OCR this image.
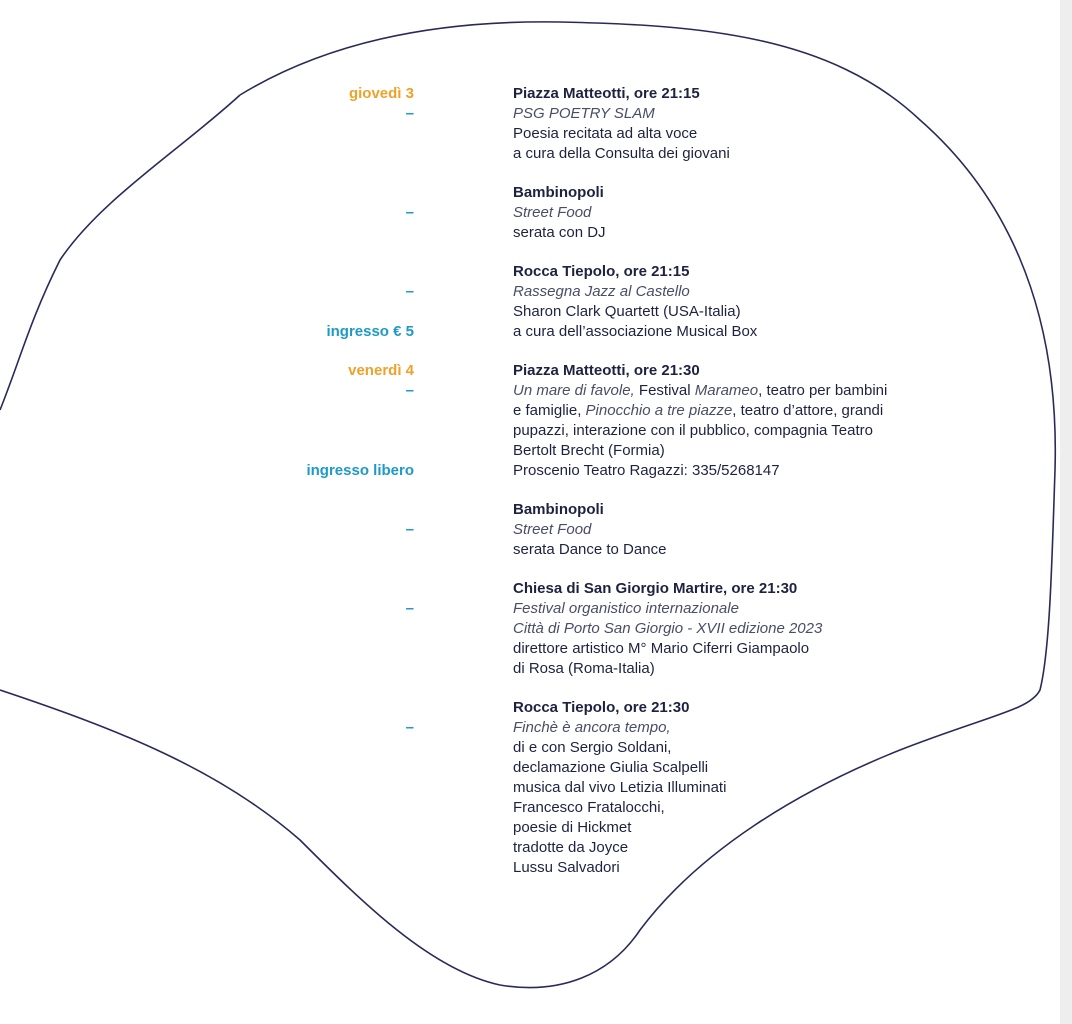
giovedì 3	Piazza Matteotti, ore 21:15
–	PSG POETRY SLAM
Poesia recitata ad alta voce
a cura della Consulta dei giovani
Bambinopoli
–	Street Food
serata con DJ
Rocca Tiepolo, ore 21:15
–	Rassegna Jazz al Castello
Sharon Clark Quartett (USA-Italia)
ingresso € 5	a cura dell’associazione Musical Box
venerdì 4	Piazza Matteotti, ore 21:30
–	Un mare di favole, Festival Marameo, teatro per bambini
e famiglie, Pinocchio a tre piazze, teatro d’attore, grandi
pupazzi, interazione con il pubblico, compagnia Teatro
Bertolt Brecht (Formia)
ingresso libero	Proscenio Teatro Ragazzi: 335/5268147
Bambinopoli
–	Street Food
serata Dance to Dance
Chiesa di San Giorgio Martire, ore 21:30
–	Festival organistico internazionale
Città di Porto San Giorgio - XVII edizione 2023
direttore artistico M° Mario Ciferri Giampaolo
di Rosa (Roma-Italia)
Rocca Tiepolo, ore 21:30
–	Finchè è ancora tempo,
di e con Sergio Soldani,
declamazione Giulia Scalpelli
musica dal vivo Letizia Illuminati
Francesco Fratalocchi,
poesie di Hickmet
tradotte da Joyce
Lussu Salvadori
